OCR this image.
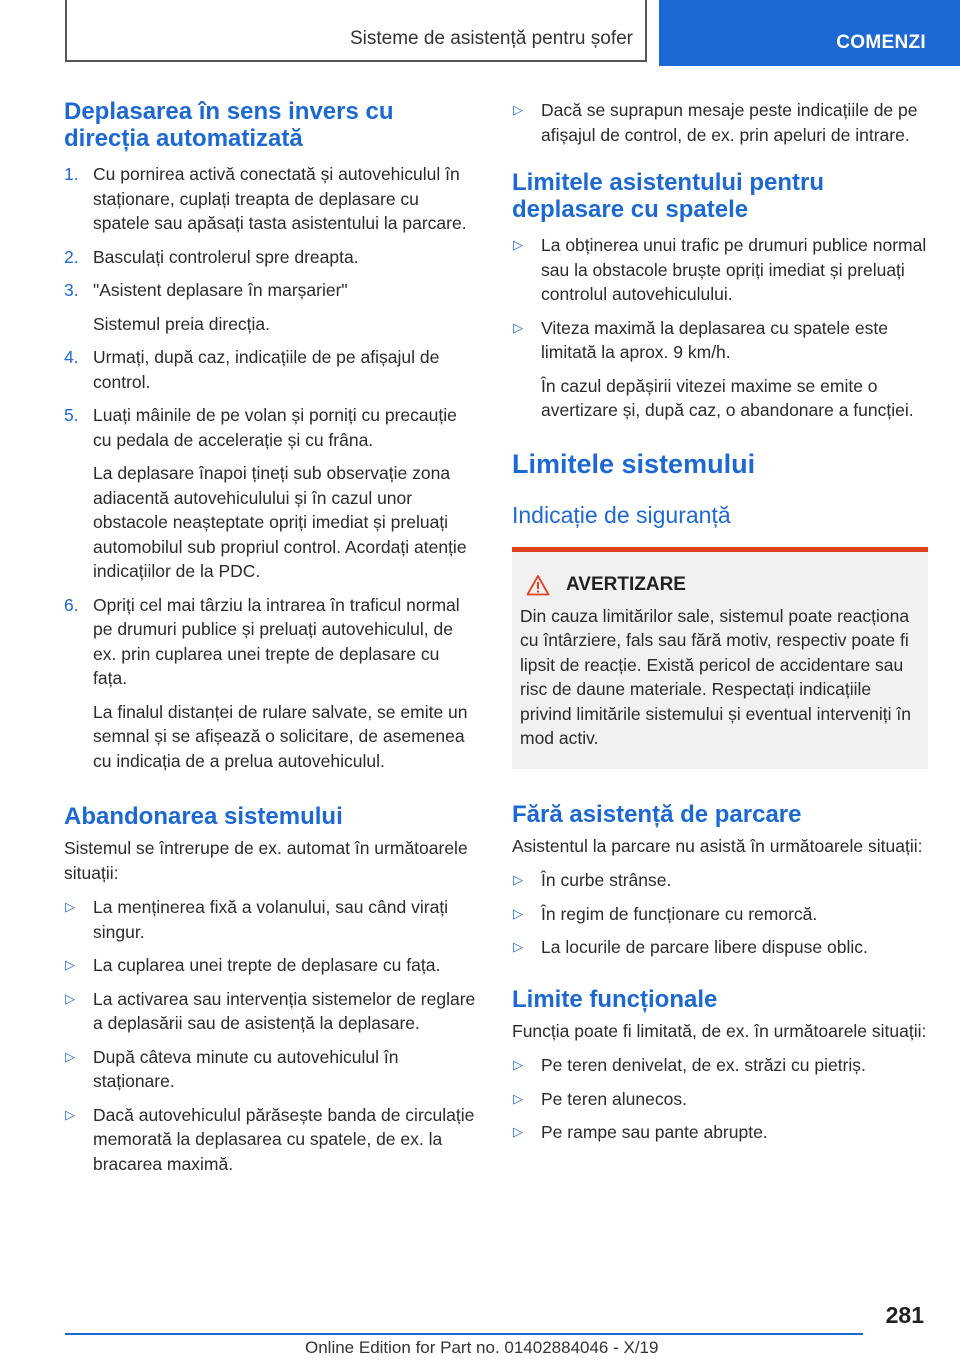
Sisteme de asistență pentru șofer	COMENZI
Deplasarea în sens invers cu direcția automatizată
1. Cu pornirea activă conectată și autovehiculul în staționare, cuplați treapta de deplasare cu spatele sau apăsați tasta asistentului la parcare.
2. Basculați controlerul spre dreapta.
3. "Asistent deplasare în marșarier"
Sistemul preia direcția.
4. Urmați, după caz, indicațiile de pe afișajul de control.
5. Luați mâinile de pe volan și porniți cu precauție cu pedala de accelerație și cu frâna.
La deplasare înapoi țineți sub observație zona adiacentă autovehiculului și în cazul unor obstacole neașteptate opriți imediat și preluați automobilul sub propriul control. Acordați atenție indicațiilor de la PDC.
6. Opriți cel mai târziu la intrarea în traficul normal pe drumuri publice și preluați autovehiculul, de ex. prin cuplarea unei trepte de deplasare cu fața.
La finalul distanței de rulare salvate, se emite un semnal și se afișează o solicitare, de asemenea cu indicația de a prelua autovehiculul.
Abandonarea sistemului

Sistemul se întrerupe de ex. automat în următoarele situații:

▷ La menținerea fixă a volanului, sau când virați singur.
▷ La cuplarea unei trepte de deplasare cu fața.
▷ La activarea sau intervenția sistemelor de reglare a deplasării sau de asistență la deplasare.
▷ După câteva minute cu autovehiculul în staționare.
▷ Dacă autovehiculul părăsește banda de circulație memorată la deplasarea cu spatele, de ex. la bracarea maximă.
▷ Dacă se suprapun mesaje peste indicațiile de pe afișajul de control, de ex. prin apeluri de intrare.
Limitele asistentului pentru deplasare cu spatele
▷ La obținerea unui trafic pe drumuri publice normal sau la obstacole bruște opriți imediat și preluați controlul autovehiculului.
▷ Viteza maximă la deplasarea cu spatele este limitată la aprox. 9 km/h.
În cazul depășirii vitezei maxime se emite o avertizare și, după caz, o abandonare a funcției.
Limitele sistemului
Indicație de siguranță
AVERTIZARE

Din cauza limitărilor sale, sistemul poate reacționa cu întârziere, fals sau fără motiv, respectiv poate fi lipsit de reacție. Există pericol de accidentare sau risc de daune materiale. Respectați indicațiile privind limitările sistemului și eventual interveniți în mod activ.

Fără asistență de parcare

Asistentul la parcare nu asistă în următoarele situații:

▷ În curbe strânse.
▷ În regim de funcționare cu remorcă.
▷ La locurile de parcare libere dispuse oblic.
Limite funcționale

Funcția poate fi limitată, de ex. în următoarele situații:

▷ Pe teren denivelat, de ex. străzi cu pietriș.
▷ Pe teren alunecos.
▷ Pe rampe sau pante abrupte.
281
Online Edition for Part no. 01402884046 - X/19
